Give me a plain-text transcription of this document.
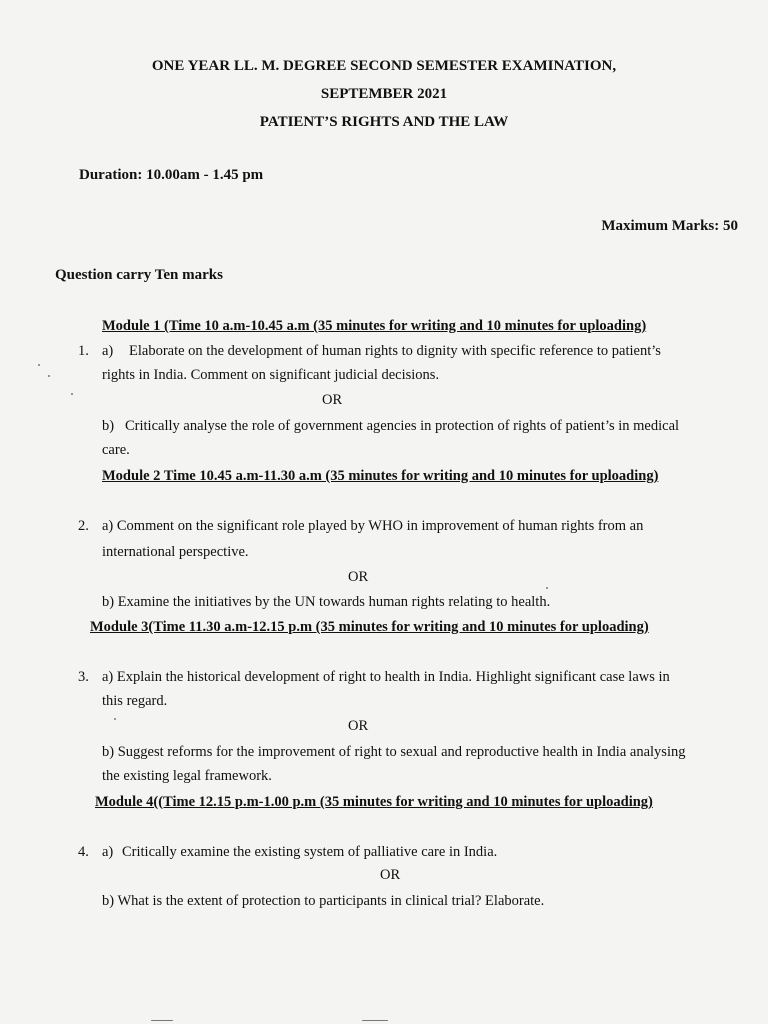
ONE YEAR LL. M. DEGREE SECOND SEMESTER EXAMINATION,
SEPTEMBER 2021
PATIENT’S RIGHTS AND THE LAW
Duration: 10.00am - 1.45 pm
Maximum Marks: 50
Question carry Ten marks
Module 1 (Time 10 a.m-10.45 a.m (35 minutes for writing and 10 minutes for uploading)
1. a) Elaborate on the development of human rights to dignity with specific reference to patient’s
rights in India. Comment on significant judicial decisions.
OR
b) Critically analyse the role of government agencies in protection of rights of patient’s in medical
care.
Module 2 Time 10.45 a.m-11.30 a.m (35 minutes for writing and 10 minutes for uploading)
2. a) Comment on the significant role played by WHO in improvement of human rights from an
international perspective.
OR
b) Examine the initiatives by the UN towards human rights relating to health.
Module 3(Time 11.30 a.m-12.15 p.m (35 minutes for writing and 10 minutes for uploading)
3. a) Explain the historical development of right to health in India. Highlight significant case laws in
this regard.
OR
b) Suggest reforms for the improvement of right to sexual and reproductive health in India analysing
the existing legal framework.
Module 4((Time 12.15 p.m-1.00 p.m (35 minutes for writing and 10 minutes for uploading)
4. a) Critically examine the existing system of palliative care in India.
OR
b) What is the extent of protection to participants in clinical trial? Elaborate.
